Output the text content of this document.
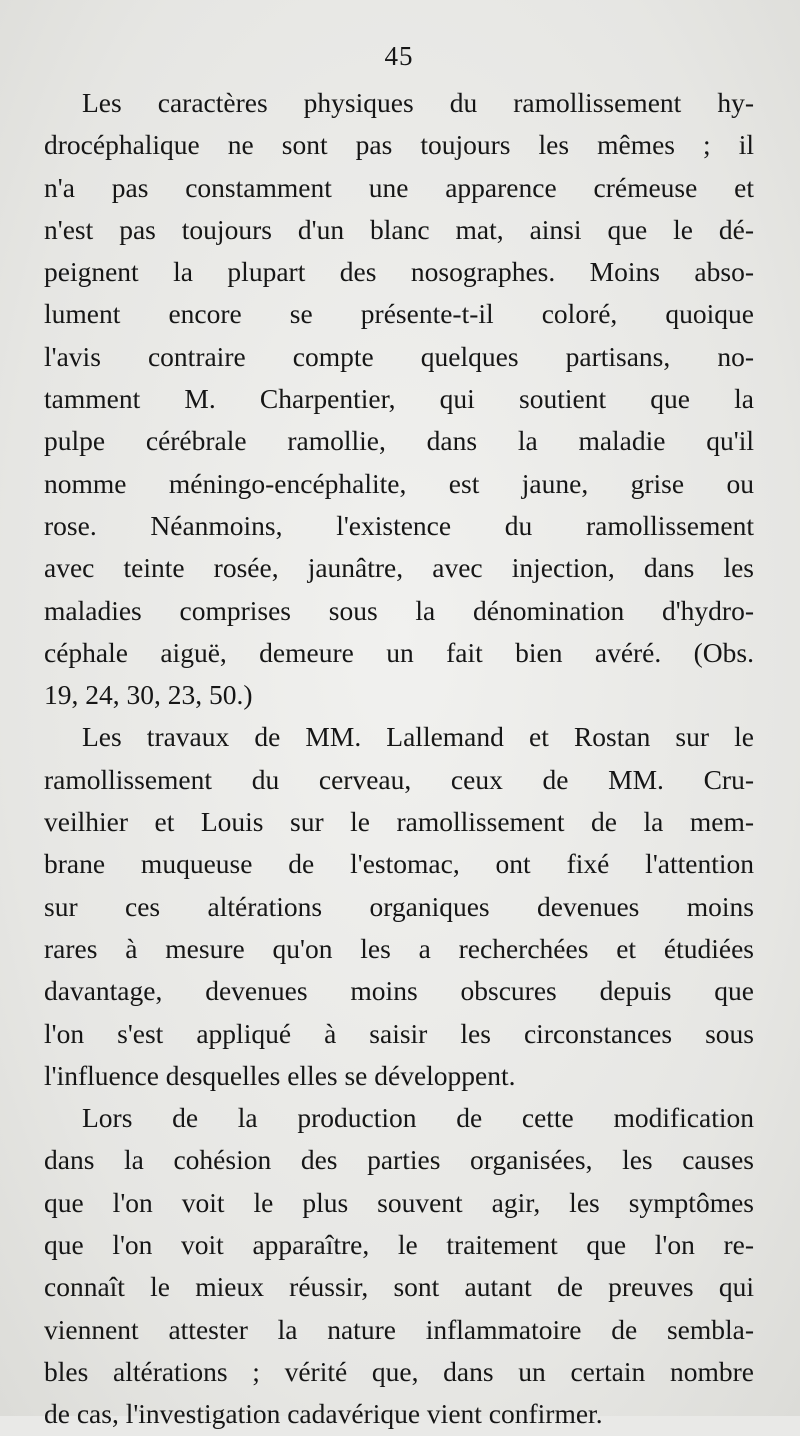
45
Les caractères physiques du ramollissement hy-
drocéphalique ne sont pas toujours les mêmes ; il
n'a pas constamment une apparence crémeuse et
n'est pas toujours d'un blanc mat, ainsi que le dé-
peignent la plupart des nosographes. Moins abso-
lument encore se présente-t-il coloré, quoique
l'avis contraire compte quelques partisans, no-
tamment M. Charpentier, qui soutient que la
pulpe cérébrale ramollie, dans la maladie qu'il
nomme méningo-encéphalite, est jaune, grise ou
rose. Néanmoins, l'existence du ramollissement
avec teinte rosée, jaunâtre, avec injection, dans les
maladies comprises sous la dénomination d'hydro-
céphale aiguë, demeure un fait bien avéré. (Obs.
19, 24, 30, 23, 50.)
Les travaux de MM. Lallemand et Rostan sur le
ramollissement du cerveau, ceux de MM. Cru-
veilhier et Louis sur le ramollissement de la mem-
brane muqueuse de l'estomac, ont fixé l'attention
sur ces altérations organiques devenues moins
rares à mesure qu'on les a recherchées et étudiées
davantage, devenues moins obscures depuis que
l'on s'est appliqué à saisir les circonstances sous
l'influence desquelles elles se développent.
Lors de la production de cette modification
dans la cohésion des parties organisées, les causes
que l'on voit le plus souvent agir, les symptômes
que l'on voit apparaître, le traitement que l'on re-
connaît le mieux réussir, sont autant de preuves qui
viennent attester la nature inflammatoire de sembla-
bles altérations ; vérité que, dans un certain nombre
de cas, l'investigation cadavérique vient confirmer.
